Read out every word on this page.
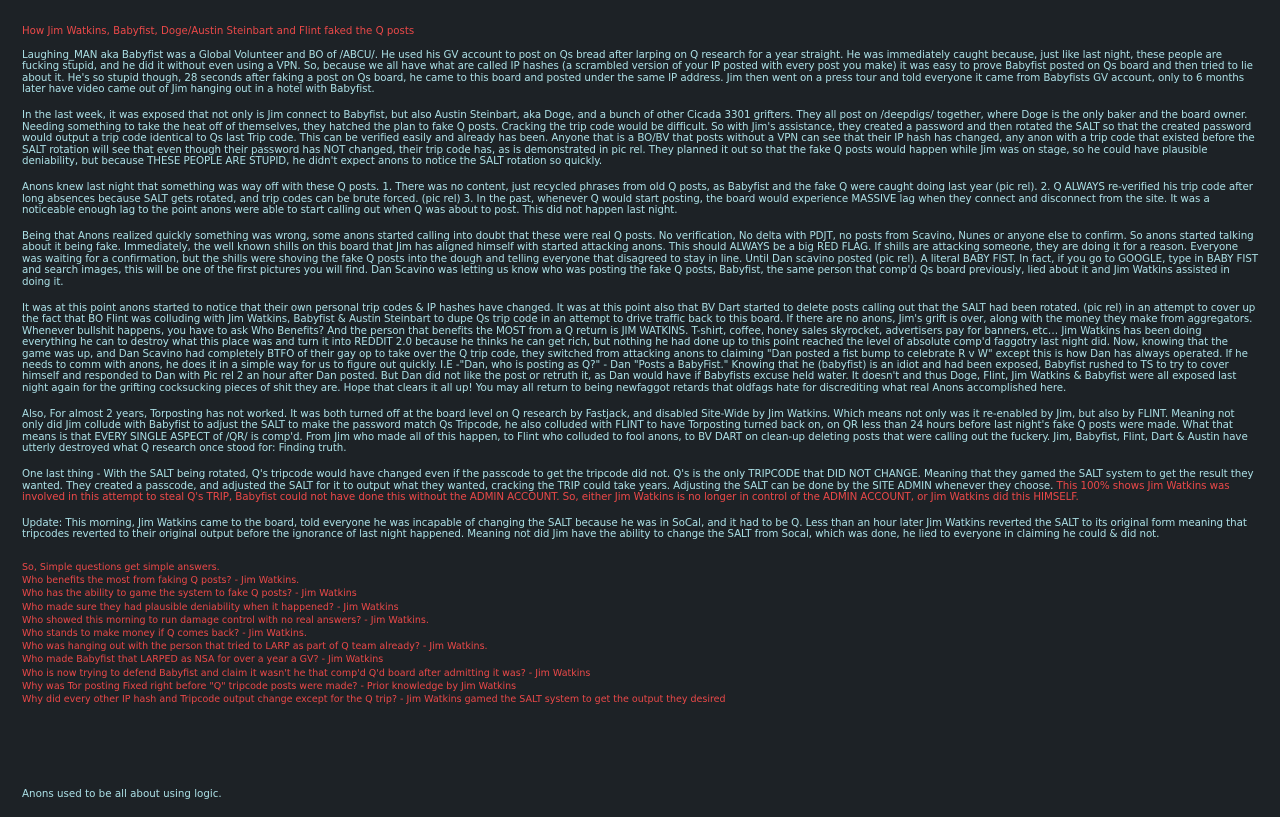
How Jim Watkins, Babyfist, Doge/Austin Steinbart and Flint faked the Q posts

Laughing_MAN aka Babyfist was a Global Volunteer and BO of /ABCU/. He used his GV account to post on Qs bread after larping on Q research for a year straight. He was immediately caught because, just like last night, these people are fucking stupid, and he did it without even using a VPN. So, because we all have what are called IP hashes (a scrambled version of your IP posted with every post you make) it was easy to prove Babyfist posted on Qs board and then tried to lie about it. He's so stupid though, 28 seconds after faking a post on Qs board, he came to this board and posted under the same IP address. Jim then went on a press tour and told everyone it came from Babyfists GV account, only to 6 months later have video came out of Jim hanging out in a hotel with Babyfist.

In the last week, it was exposed that not only is Jim connect to Babyfist, but also Austin Steinbart, aka Doge, and a bunch of other Cicada 3301 grifters. They all post on /deepdigs/ together, where Doge is the only baker and the board owner. Needing something to take the heat off of themselves, they hatched the plan to fake Q posts. Cracking the trip code would be difficult. So with Jim's assistance, they created a password and then rotated the SALT so that the created password would output a trip code identical to Qs last Trip code. This can be verified easily and already has been. Anyone that is a BO/BV that posts without a VPN can see that their IP hash has changed, any anon with a trip code that existed before the SALT rotation will see that even though their password has NOT changed, their trip code has, as is demonstrated in pic rel. They planned it out so that the fake Q posts would happen while Jim was on stage, so he could have plausible deniability, but because THESE PEOPLE ARE STUPID, he didn't expect anons to notice the SALT rotation so quickly.

Anons knew last night that something was way off with these Q posts. 1. There was no content, just recycled phrases from old Q posts, as Babyfist and the fake Q were caught doing last year (pic rel). 2. Q ALWAYS re-verified his trip code after long absences because SALT gets rotated, and trip codes can be brute forced. (pic rel) 3. In the past, whenever Q would start posting, the board would experience MASSIVE lag when they connect and disconnect from the site. It was a noticeable enough lag to the point anons were able to start calling out when Q was about to post. This did not happen last night.

Being that Anons realized quickly something was wrong, some anons started calling into doubt that these were real Q posts. No verification, No delta with PDJT, no posts from Scavino, Nunes or anyone else to confirm. So anons started talking about it being fake. Immediately, the well known shills on this board that Jim has aligned himself with started attacking anons. This should ALWAYS be a big RED FLAG. If shills are attacking someone, they are doing it for a reason. Everyone was waiting for a confirmation, but the shills were shoving the fake Q posts into the dough and telling everyone that disagreed to stay in line. Until Dan scavino posted (pic rel). A literal BABY FIST. In fact, if you go to GOOGLE, type in BABY FIST and search images, this will be one of the first pictures you will find. Dan Scavino was letting us know who was posting the fake Q posts, Babyfist, the same person that comp'd Qs board previously, lied about it and Jim Watkins assisted in doing it.

It was at this point anons started to notice that their own personal trip codes & IP hashes have changed. It was at this point also that BV Dart started to delete posts calling out that the SALT had been rotated. (pic rel) in an attempt to cover up the fact that BO Flint was colluding with Jim Watkins, Babyfist & Austin Steinbart to dupe Qs trip code in an attempt to drive traffic back to this board. If there are no anons, Jim's grift is over, along with the money they make from aggregators. Whenever bullshit happens, you have to ask Who Benefits? And the person that benefits the MOST from a Q return is JIM WATKINS. T-shirt, coffee, honey sales skyrocket, advertisers pay for banners, etc… Jim Watkins has been doing everything he can to destroy what this place was and turn it into REDDIT 2.0 because he thinks he can get rich, but nothing he had done up to this point reached the level of absolute comp'd faggotry last night did. Now, knowing that the game was up, and Dan Scavino had completely BTFO of their gay op to take over the Q trip code, they switched from attacking anons to claiming "Dan posted a fist bump to celebrate R v W" except this is how Dan has always operated. If he needs to comm with anons, he does it in a simple way for us to figure out quickly. I.E -"Dan, who is posting as Q?" - Dan "Posts a BabyFist." Knowing that he (babyfist) is an idiot and had been exposed, Babyfist rushed to TS to try to cover himself and responded to Dan with Pic rel 2 an hour after Dan posted. But Dan did not like the post or retruth it, as Dan would have if Babyfists excuse held water. It doesn't and thus Doge, Flint, Jim Watkins & Babyfist were all exposed last night again for the grifting cocksucking pieces of shit they are. Hope that clears it all up! You may all return to being newfaggot retards that oldfags hate for discrediting what real Anons accomplished here.

Also, For almost 2 years, Torposting has not worked. It was both turned off at the board level on Q research by Fastjack, and disabled Site-Wide by Jim Watkins. Which means not only was it re-enabled by Jim, but also by FLINT. Meaning not only did Jim collude with Babyfist to adjust the SALT to make the password match Qs Tripcode, he also colluded with FLINT to have Torposting turned back on, on QR less than 24 hours before last night's fake Q posts were made. What that means is that EVERY SINGLE ASPECT of /QR/ is comp'd. From Jim who made all of this happen, to Flint who colluded to fool anons, to BV DART on clean-up deleting posts that were calling out the fuckery. Jim, Babyfist, Flint, Dart & Austin have utterly destroyed what Q research once stood for: Finding truth.

One last thing - With the SALT being rotated, Q's tripcode would have changed even if the passcode to get the tripcode did not. Q's is the only TRIPCODE that DID NOT CHANGE. Meaning that they gamed the SALT system to get the result they wanted. They created a passcode, and adjusted the SALT for it to output what they wanted, cracking the TRIP could take years. Adjusting the SALT can be done by the SITE ADMIN whenever they choose. This 100% shows Jim Watkins was involved in this attempt to steal Q's TRIP, Babyfist could not have done this without the ADMIN ACCOUNT. So, either Jim Watkins is no longer in control of the ADMIN ACCOUNT, or Jim Watkins did this HIMSELF.

Update: This morning, Jim Watkins came to the board, told everyone he was incapable of changing the SALT because he was in SoCal, and it had to be Q. Less than an hour later Jim Watkins reverted the SALT to its original form meaning that tripcodes reverted to their original output before the ignorance of last night happened. Meaning not did Jim have the ability to change the SALT from Socal, which was done, he lied to everyone in claiming he could & did not.

So, Simple questions get simple answers.
Who benefits the most from faking Q posts? - Jim Watkins.
Who has the ability to game the system to fake Q posts? - Jim Watkins
Who made sure they had plausible deniability when it happened? - Jim Watkins
Who showed this morning to run damage control with no real answers? - Jim Watkins.
Who stands to make money if Q comes back? - Jim Watkins.
Who was hanging out with the person that tried to LARP as part of Q team already? - Jim Watkins.
Who made Babyfist that LARPED as NSA for over a year a GV? - Jim Watkins
Who is now trying to defend Babyfist and claim it wasn't he that comp'd Q'd board after admitting it was? - Jim Watkins
Why was Tor posting Fixed right before "Q" tripcode posts were made? - Prior knowledge by Jim Watkins
Why did every other IP hash and Tripcode output change except for the Q trip? - Jim Watkins gamed the SALT system to get the output they desired
Anons used to be all about using logic.
